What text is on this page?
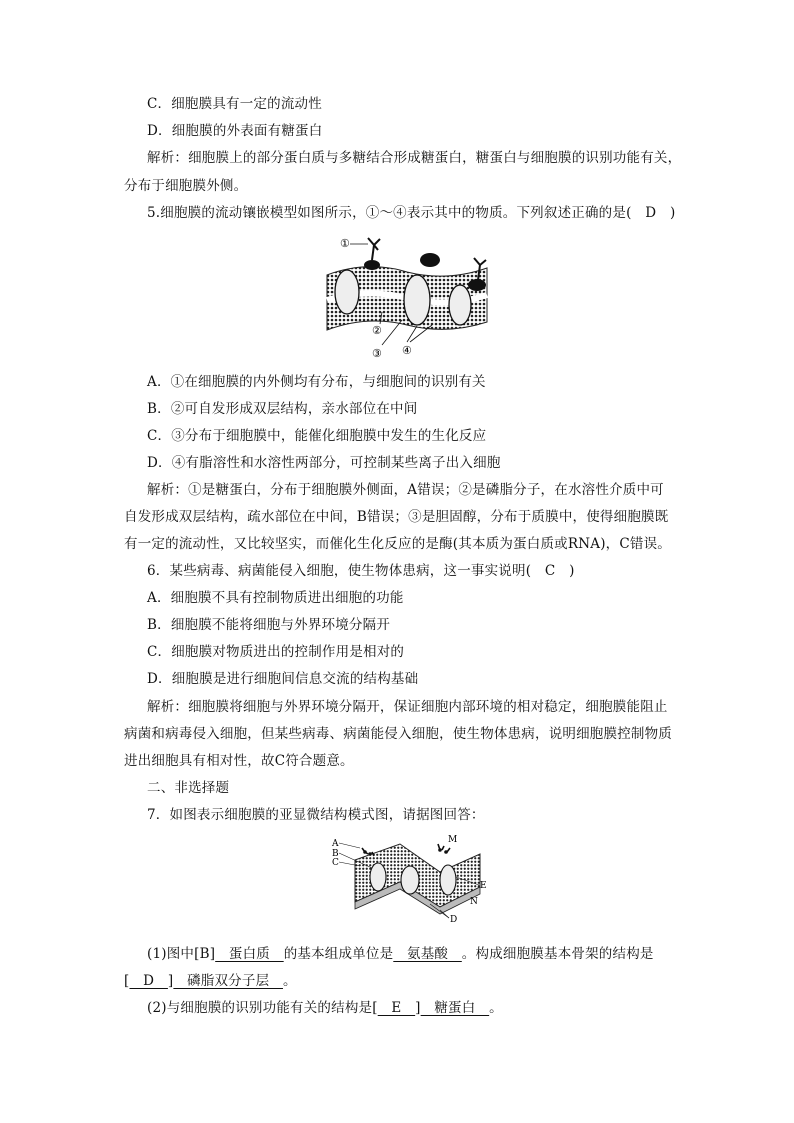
C．细胞膜具有一定的流动性
D．细胞膜的外表面有糖蛋白
解析：细胞膜上的部分蛋白质与多糖结合形成糖蛋白，糖蛋白与细胞膜的识别功能有关，
分布于细胞膜外侧。
5.细胞膜的流动镶嵌模型如图所示，①～④表示其中的物质。下列叙述正确的是(　D　)
①
②
③ ④
A．①在细胞膜的内外侧均有分布，与细胞间的识别有关
B．②可自发形成双层结构，亲水部位在中间
C．③分布于细胞膜中，能催化细胞膜中发生的生化反应
D．④有脂溶性和水溶性两部分，可控制某些离子出入细胞
解析：①是糖蛋白，分布于细胞膜外侧面，A错误；②是磷脂分子，在水溶性介质中可
自发形成双层结构，疏水部位在中间，B错误；③是胆固醇，分布于质膜中，使得细胞膜既
有一定的流动性，又比较坚实，而催化生化反应的是酶(其本质为蛋白质或RNA)，C错误。
6．某些病毒、病菌能侵入细胞，使生物体患病，这一事实说明(　C　)
A．细胞膜不具有控制物质进出细胞的功能
B．细胞膜不能将细胞与外界环境分隔开
C．细胞膜对物质进出的控制作用是相对的
D．细胞膜是进行细胞间信息交流的结构基础
解析：细胞膜将细胞与外界环境分隔开，保证细胞内部环境的相对稳定，细胞膜能阻止
病菌和病毒侵入细胞，但某些病毒、病菌能侵入细胞，使生物体患病，说明细胞膜控制物质
进出细胞具有相对性，故C符合题意。
二、非选择题
7．如图表示细胞膜的亚显微结构模式图，请据图回答：
A
B
C
M
E
N
D
(1)图中[B]　蛋白质　的基本组成单位是　氨基酸　。构成细胞膜基本骨架的结构是
[　D　]　磷脂双分子层　。
(2)与细胞膜的识别功能有关的结构是[　E　]　糖蛋白　。
